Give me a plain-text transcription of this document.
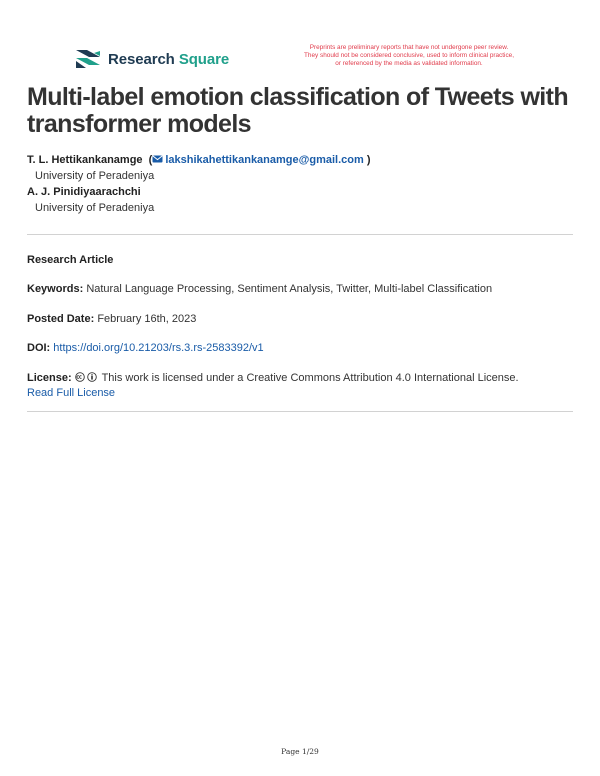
Research Square
Preprints are preliminary reports that have not undergone peer review.
They should not be considered conclusive, used to inform clinical practice,
or referenced by the media as validated information.
Multi-label emotion classification of Tweets with transformer models
T. L. Hettikankanamge  ( lakshikahettikankanamge@gmail.com )
University of Peradeniya
A. J. Pinidiyaarachchi
University of Peradeniya
Research Article
Keywords: Natural Language Processing, Sentiment Analysis, Twitter, Multi-label Classification
Posted Date: February 16th, 2023
DOI: https://doi.org/10.21203/rs.3.rs-2583392/v1
License:	This work is licensed under a Creative Commons Attribution 4.0 International License.
Read Full License
Page 1/29
